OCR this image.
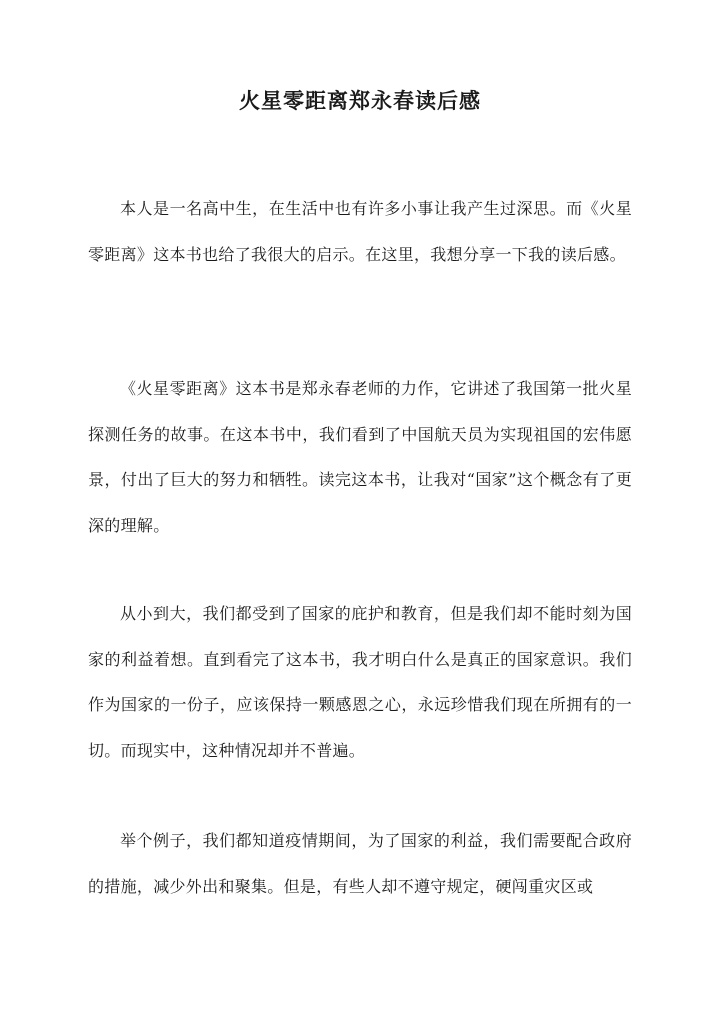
火星零距离郑永春读后感

本人是一名高中生，在生活中也有许多小事让我产生过深思。而《火星零距离》这本书也给了我很大的启示。在这里，我想分享一下我的读后感。

《火星零距离》这本书是郑永春老师的力作，它讲述了我国第一批火星探测任务的故事。在这本书中，我们看到了中国航天员为实现祖国的宏伟愿景，付出了巨大的努力和牺牲。读完这本书，让我对“国家”这个概念有了更深的理解。

从小到大，我们都受到了国家的庇护和教育，但是我们却不能时刻为国家的利益着想。直到看完了这本书，我才明白什么是真正的国家意识。我们作为国家的一份子，应该保持一颗感恩之心，永远珍惜我们现在所拥有的一切。而现实中，这种情况却并不普遍。

举个例子，我们都知道疫情期间，为了国家的利益，我们需要配合政府的措施，减少外出和聚集。但是，有些人却不遵守规定，硬闯重灾区或
